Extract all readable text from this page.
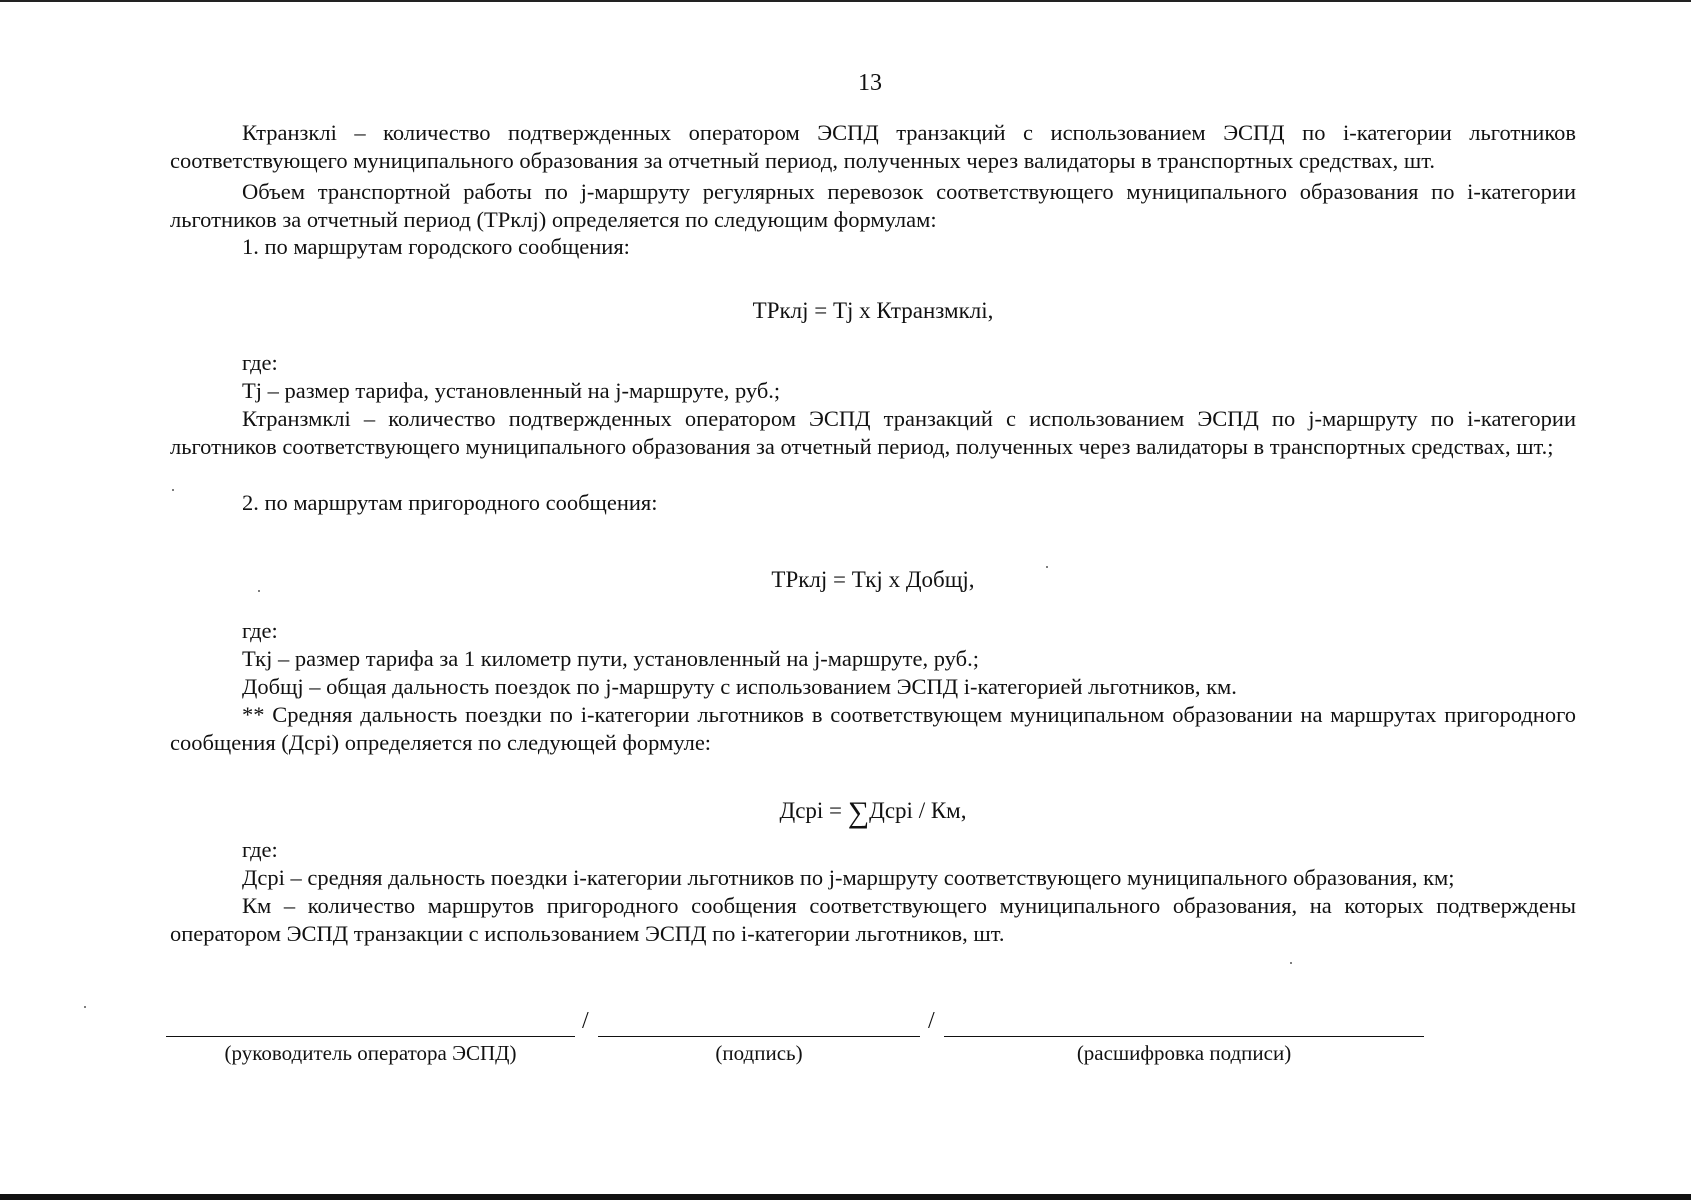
13

Ктранзклі – количество подтвержденных оператором ЭСПД транзакций с использованием ЭСПД по і-категории льготников соответствующего муниципального образования за отчетный период, полученных через валидаторы в транспортных средствах, шт.

Объем транспортной работы по j-маршруту регулярных перевозок соответствующего муниципального образования по і-категории льготников за отчетный период (ТРклj) определяется по следующим формулам:

1. по маршрутам городского сообщения:

ТРклj = Тj x Ктранзмклі,

где:

Тj – размер тарифа, установленный на j-маршруте, руб.;

Ктранзмклі – количество подтвержденных оператором ЭСПД транзакций с использованием ЭСПД по j-маршруту по і-категории льготников соответствующего муниципального образования за отчетный период, полученных через валидаторы в транспортных средствах, шт.;

2. по маршрутам пригородного сообщения:

ТРклj = Ткj x Добщj,

где:

Ткj – размер тарифа за 1 километр пути, установленный на j-маршруте, руб.;

Добщj – общая дальность поездок по j-маршруту с использованием ЭСПД і-категорией льготников, км.

** Средняя дальность поездки по і-категории льготников в соответствующем муниципальном образовании на маршрутах пригородного сообщения (Дсрі) определяется по следующей формуле:

Дсрі = ∑Дсрі / Км,

где:

Дсрі – средняя дальность поездки і-категории льготников по j-маршруту соответствующего муниципального образования, км;

Км – количество маршрутов пригородного сообщения соответствующего муниципального образования, на которых подтверждены оператором ЭСПД транзакции с использованием ЭСПД по і-категории льготников, шт.

/	/
(руководитель оператора ЭСПД)	(подпись)	(расшифровка подписи)
